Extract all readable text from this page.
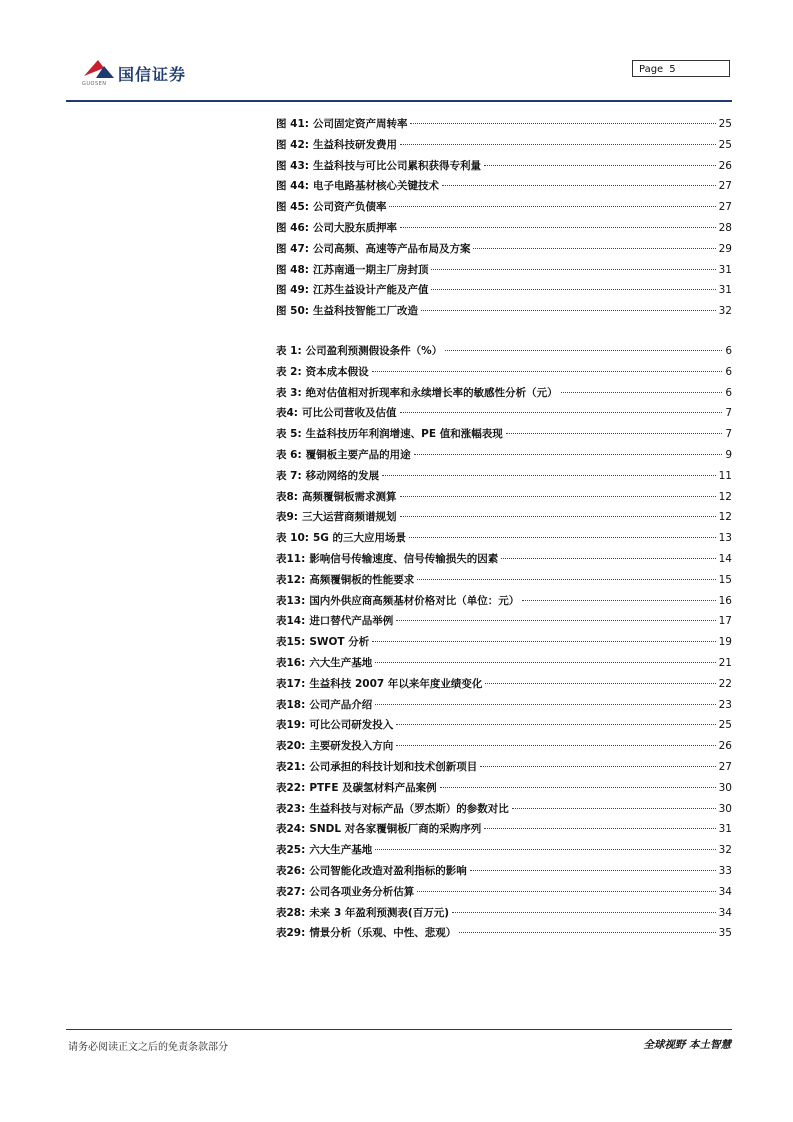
国信证券
GUOSEN
Page 5
图 41: 公司固定资产周转率	25
图 42: 生益科技研发费用	25
图 43: 生益科技与可比公司累积获得专利量	26
图 44: 电子电路基材核心关键技术	27
图 45: 公司资产负债率	27
图 46: 公司大股东质押率	28
图 47: 公司高频、高速等产品布局及方案	29
图 48: 江苏南通一期主厂房封顶	31
图 49: 江苏生益设计产能及产值	31
图 50: 生益科技智能工厂改造	32
表 1: 公司盈利预测假设条件（%）	6
表 2: 资本成本假设	6
表 3: 绝对估值相对折现率和永续增长率的敏感性分析（元）	6
表4: 可比公司营收及估值	7
表 5: 生益科技历年利润增速、PE 值和涨幅表现	7
表 6: 覆铜板主要产品的用途	9
表 7: 移动网络的发展	11
表8: 高频覆铜板需求测算	12
表9: 三大运营商频谱规划	12
表 10: 5G 的三大应用场景	13
表11: 影响信号传输速度、信号传输损失的因素	14
表12: 高频覆铜板的性能要求	15
表13: 国内外供应商高频基材价格对比（单位：元）	16
表14: 进口替代产品举例	17
表15: SWOT 分析	19
表16: 六大生产基地	21
表17: 生益科技 2007 年以来年度业绩变化	22
表18: 公司产品介绍	23
表19: 可比公司研发投入	25
表20: 主要研发投入方向	26
表21: 公司承担的科技计划和技术创新项目	27
表22: PTFE 及碳氢材料产品案例	30
表23: 生益科技与对标产品（罗杰斯）的参数对比	30
表24: SNDL 对各家覆铜板厂商的采购序列	31
表25: 六大生产基地	32
表26: 公司智能化改造对盈利指标的影响	33
表27: 公司各项业务分析估算	34
表28: 未来 3 年盈利预测表(百万元)	34
表29: 情景分析（乐观、中性、悲观）	35
请务必阅读正文之后的免责条款部分	全球视野 本土智慧
